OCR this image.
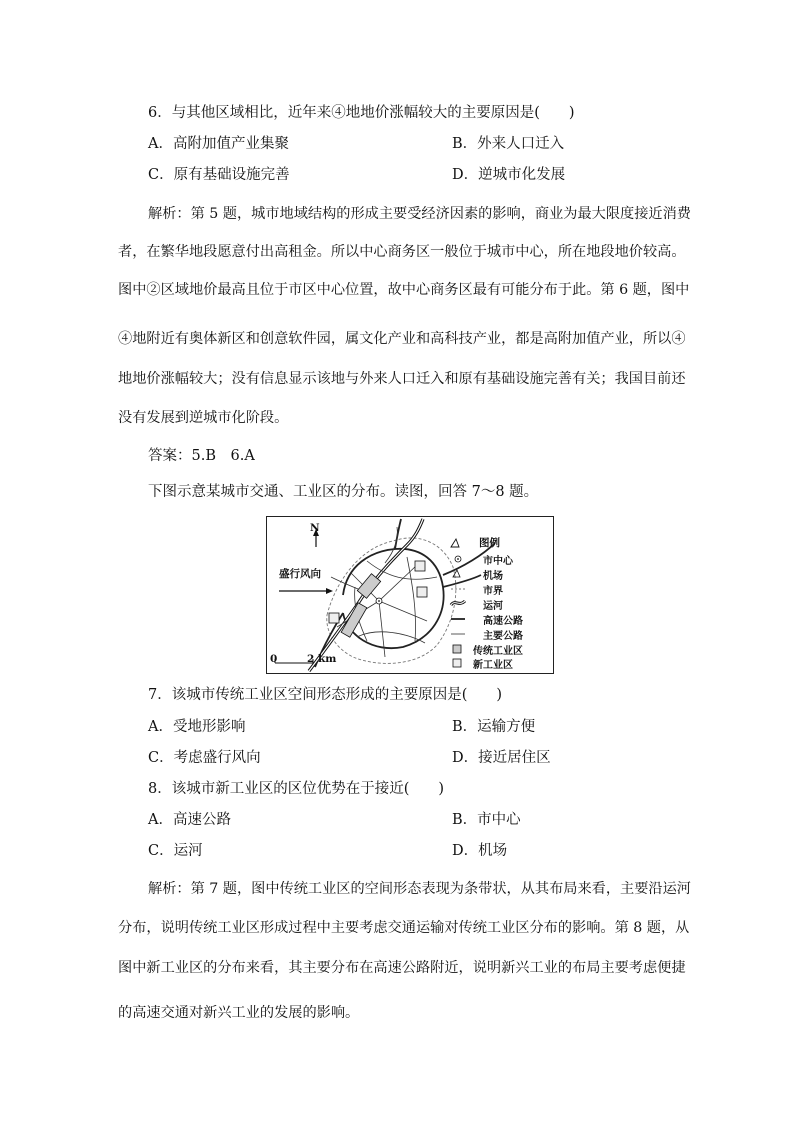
6．与其他区域相比，近年来④地地价涨幅较大的主要原因是(　　)
A．高附加值产业集聚	B．外来人口迁入
C．原有基础设施完善	D．逆城市化发展
解析：第 5 题，城市地域结构的形成主要受经济因素的影响，商业为最大限度接近消费
者，在繁华地段愿意付出高租金。所以中心商务区一般位于城市中心，所在地段地价较高。
图中②区域地价最高且位于市区中心位置，故中心商务区最有可能分布于此。第 6 题，图中
④地附近有奥体新区和创意软件园，属文化产业和高科技产业，都是高附加值产业，所以④
地地价涨幅较大；没有信息显示该地与外来人口迁入和原有基础设施完善有关；我国目前还
没有发展到逆城市化阶段。
答案：5.B　6.A
下图示意某城市交通、工业区的分布。读图，回答 7～8 题。
N
盛行风向
0	2 km
图例
市中心
机场
市界
运河
高速公路
主要公路
传统工业区
新工业区
7．该城市传统工业区空间形态形成的主要原因是(　　)
A．受地形影响	B．运输方便
C．考虑盛行风向	D．接近居住区
8．该城市新工业区的区位优势在于接近(　　)
A．高速公路	B．市中心
C．运河	D．机场
解析：第 7 题，图中传统工业区的空间形态表现为条带状，从其布局来看，主要沿运河
分布，说明传统工业区形成过程中主要考虑交通运输对传统工业区分布的影响。第 8 题，从
图中新工业区的分布来看，其主要分布在高速公路附近，说明新兴工业的布局主要考虑便捷
的高速交通对新兴工业的发展的影响。
